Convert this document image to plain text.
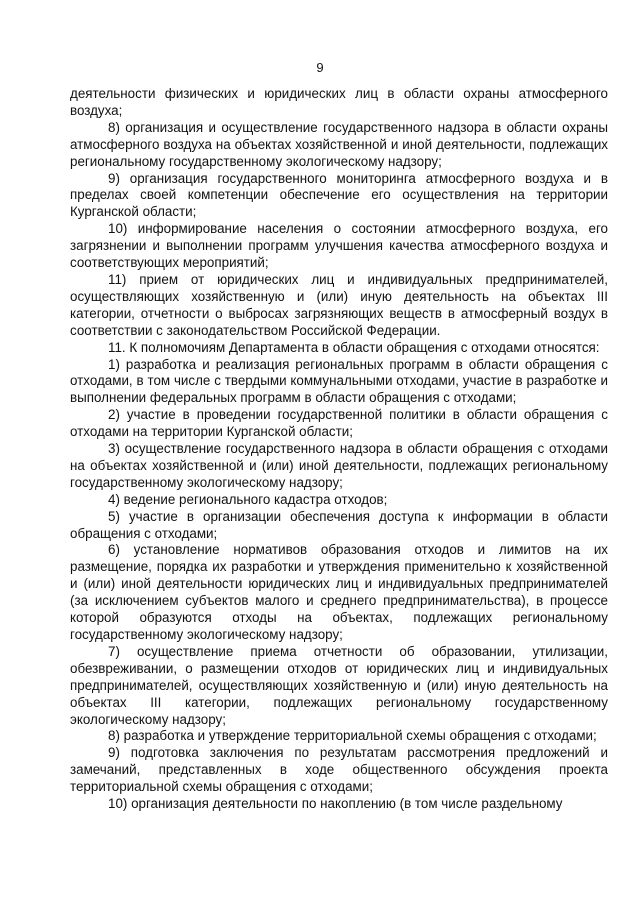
9

деятельности физических и юридических лиц в области охраны атмосферного воздуха;

8) организация и осуществление государственного надзора в области охраны атмосферного воздуха на объектах хозяйственной и иной деятельности, подлежащих региональному государственному экологическому надзору;

9) организация государственного мониторинга атмосферного воздуха и в пределах своей компетенции обеспечение его осуществления на территории Курганской области;

10) информирование населения о состоянии атмосферного воздуха, его загрязнении и выполнении программ улучшения качества атмосферного воздуха и соответствующих мероприятий;

11) прием от юридических лиц и индивидуальных предпринимателей, осуществляющих хозяйственную и (или) иную деятельность на объектах III категории, отчетности о выбросах загрязняющих веществ в атмосферный воздух в соответствии с законодательством Российской Федерации.

11. К полномочиям Департамента в области обращения с отходами относятся:

1) разработка и реализация региональных программ в области обращения с отходами, в том числе с твердыми коммунальными отходами, участие в разработке и выполнении федеральных программ в области обращения с отходами;

2) участие в проведении государственной политики в области обращения с отходами на территории Курганской области;

3) осуществление государственного надзора в области обращения с отходами на объектах хозяйственной и (или) иной деятельности, подлежащих региональному государственному экологическому надзору;

4) ведение регионального кадастра отходов;

5) участие в организации обеспечения доступа к информации в области обращения с отходами;

6) установление нормативов образования отходов и лимитов на их размещение, порядка их разработки и утверждения применительно к хозяйственной и (или) иной деятельности юридических лиц и индивидуальных предпринимателей (за исключением субъектов малого и среднего предпринимательства), в процессе которой образуются отходы на объектах, подлежащих региональному государственному экологическому надзору;

7) осуществление приема отчетности об образовании, утилизации, обезвреживании, о размещении отходов от юридических лиц и индивидуальных предпринимателей, осуществляющих хозяйственную и (или) иную деятельность на объектах III категории, подлежащих региональному государственному экологическому надзору;

8) разработка и утверждение территориальной схемы обращения с отходами;

9) подготовка заключения по результатам рассмотрения предложений и замечаний, представленных в ходе общественного обсуждения проекта территориальной схемы обращения с отходами;

10) организация деятельности по накоплению (в том числе раздельному
